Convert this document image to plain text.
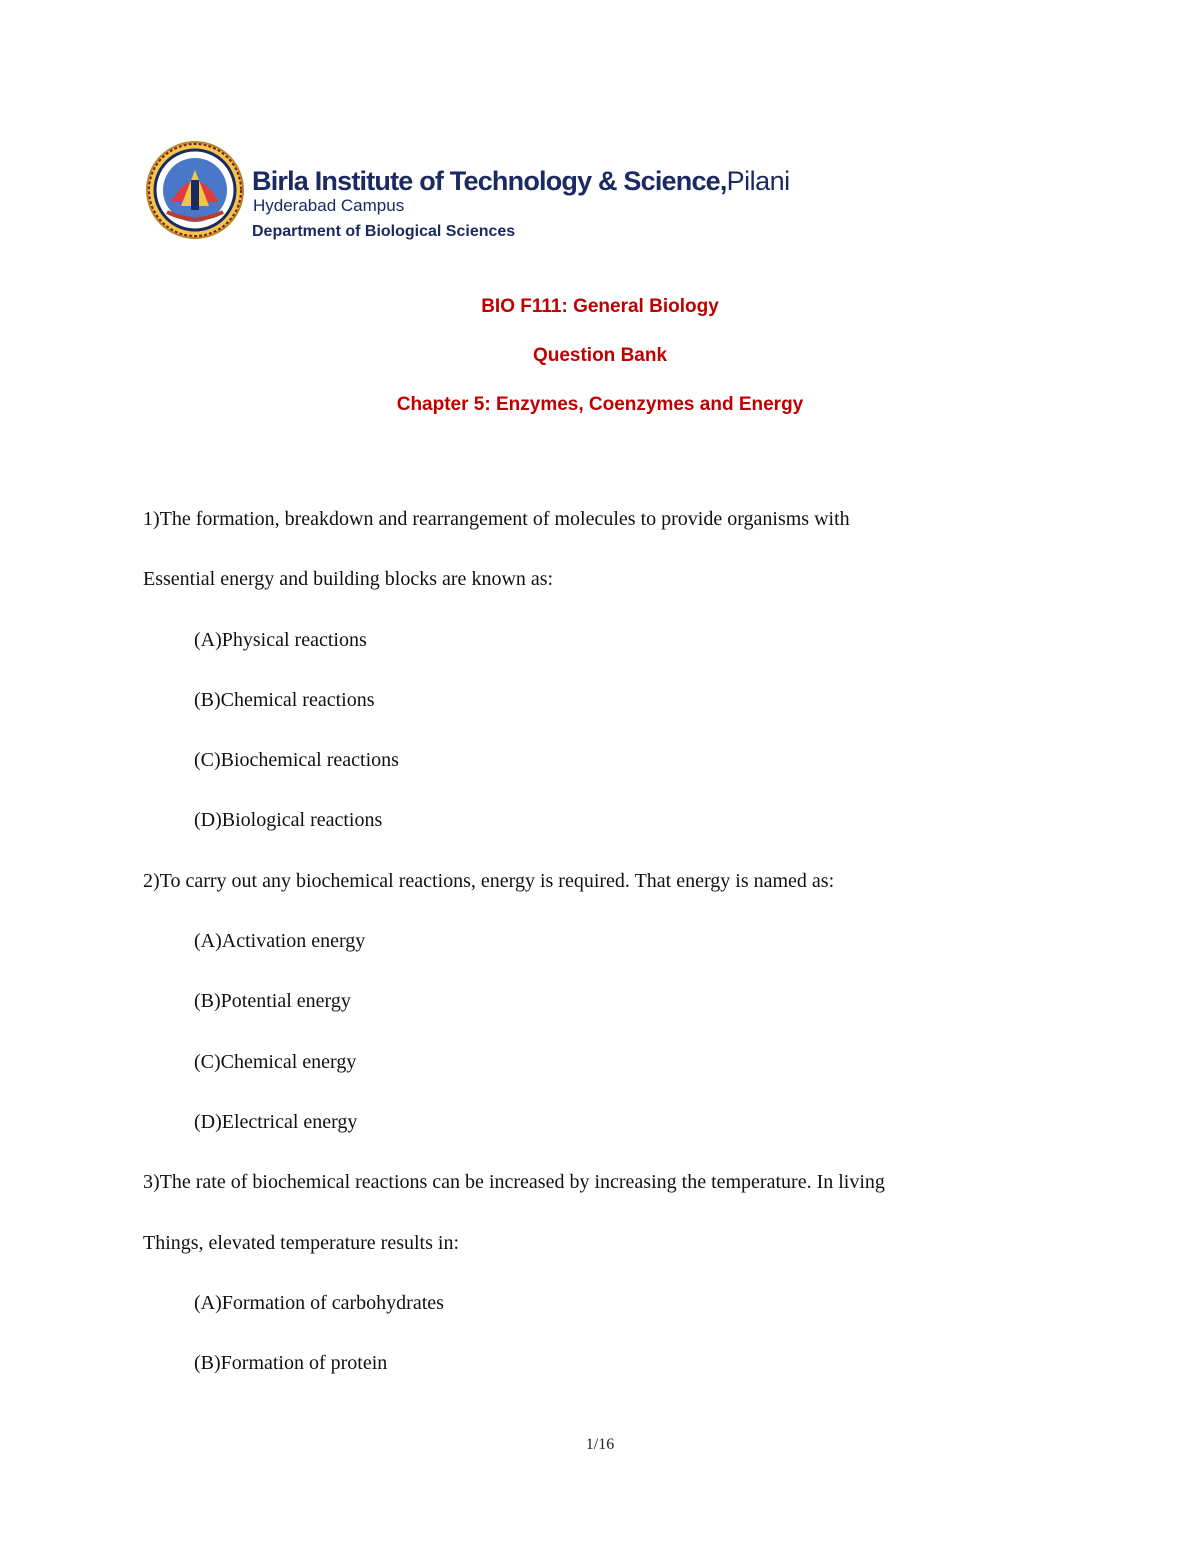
Birla Institute of Technology & Science,Pilani
Hyderabad Campus
Department of Biological Sciences
BIO F111: General Biology
Question Bank
Chapter 5: Enzymes, Coenzymes and Energy
1)The formation, breakdown and rearrangement of molecules to provide organisms with
Essential energy and building blocks are known as:
(A)Physical reactions
(B)Chemical reactions
(C)Biochemical reactions
(D)Biological reactions
2)To carry out any biochemical reactions, energy is required. That energy is named as:
(A)Activation energy
(B)Potential energy
(C)Chemical energy
(D)Electrical energy
3)The rate of biochemical reactions can be increased by increasing the temperature. In living
Things, elevated temperature results in:
(A)Formation of carbohydrates
(B)Formation of protein
1/16
